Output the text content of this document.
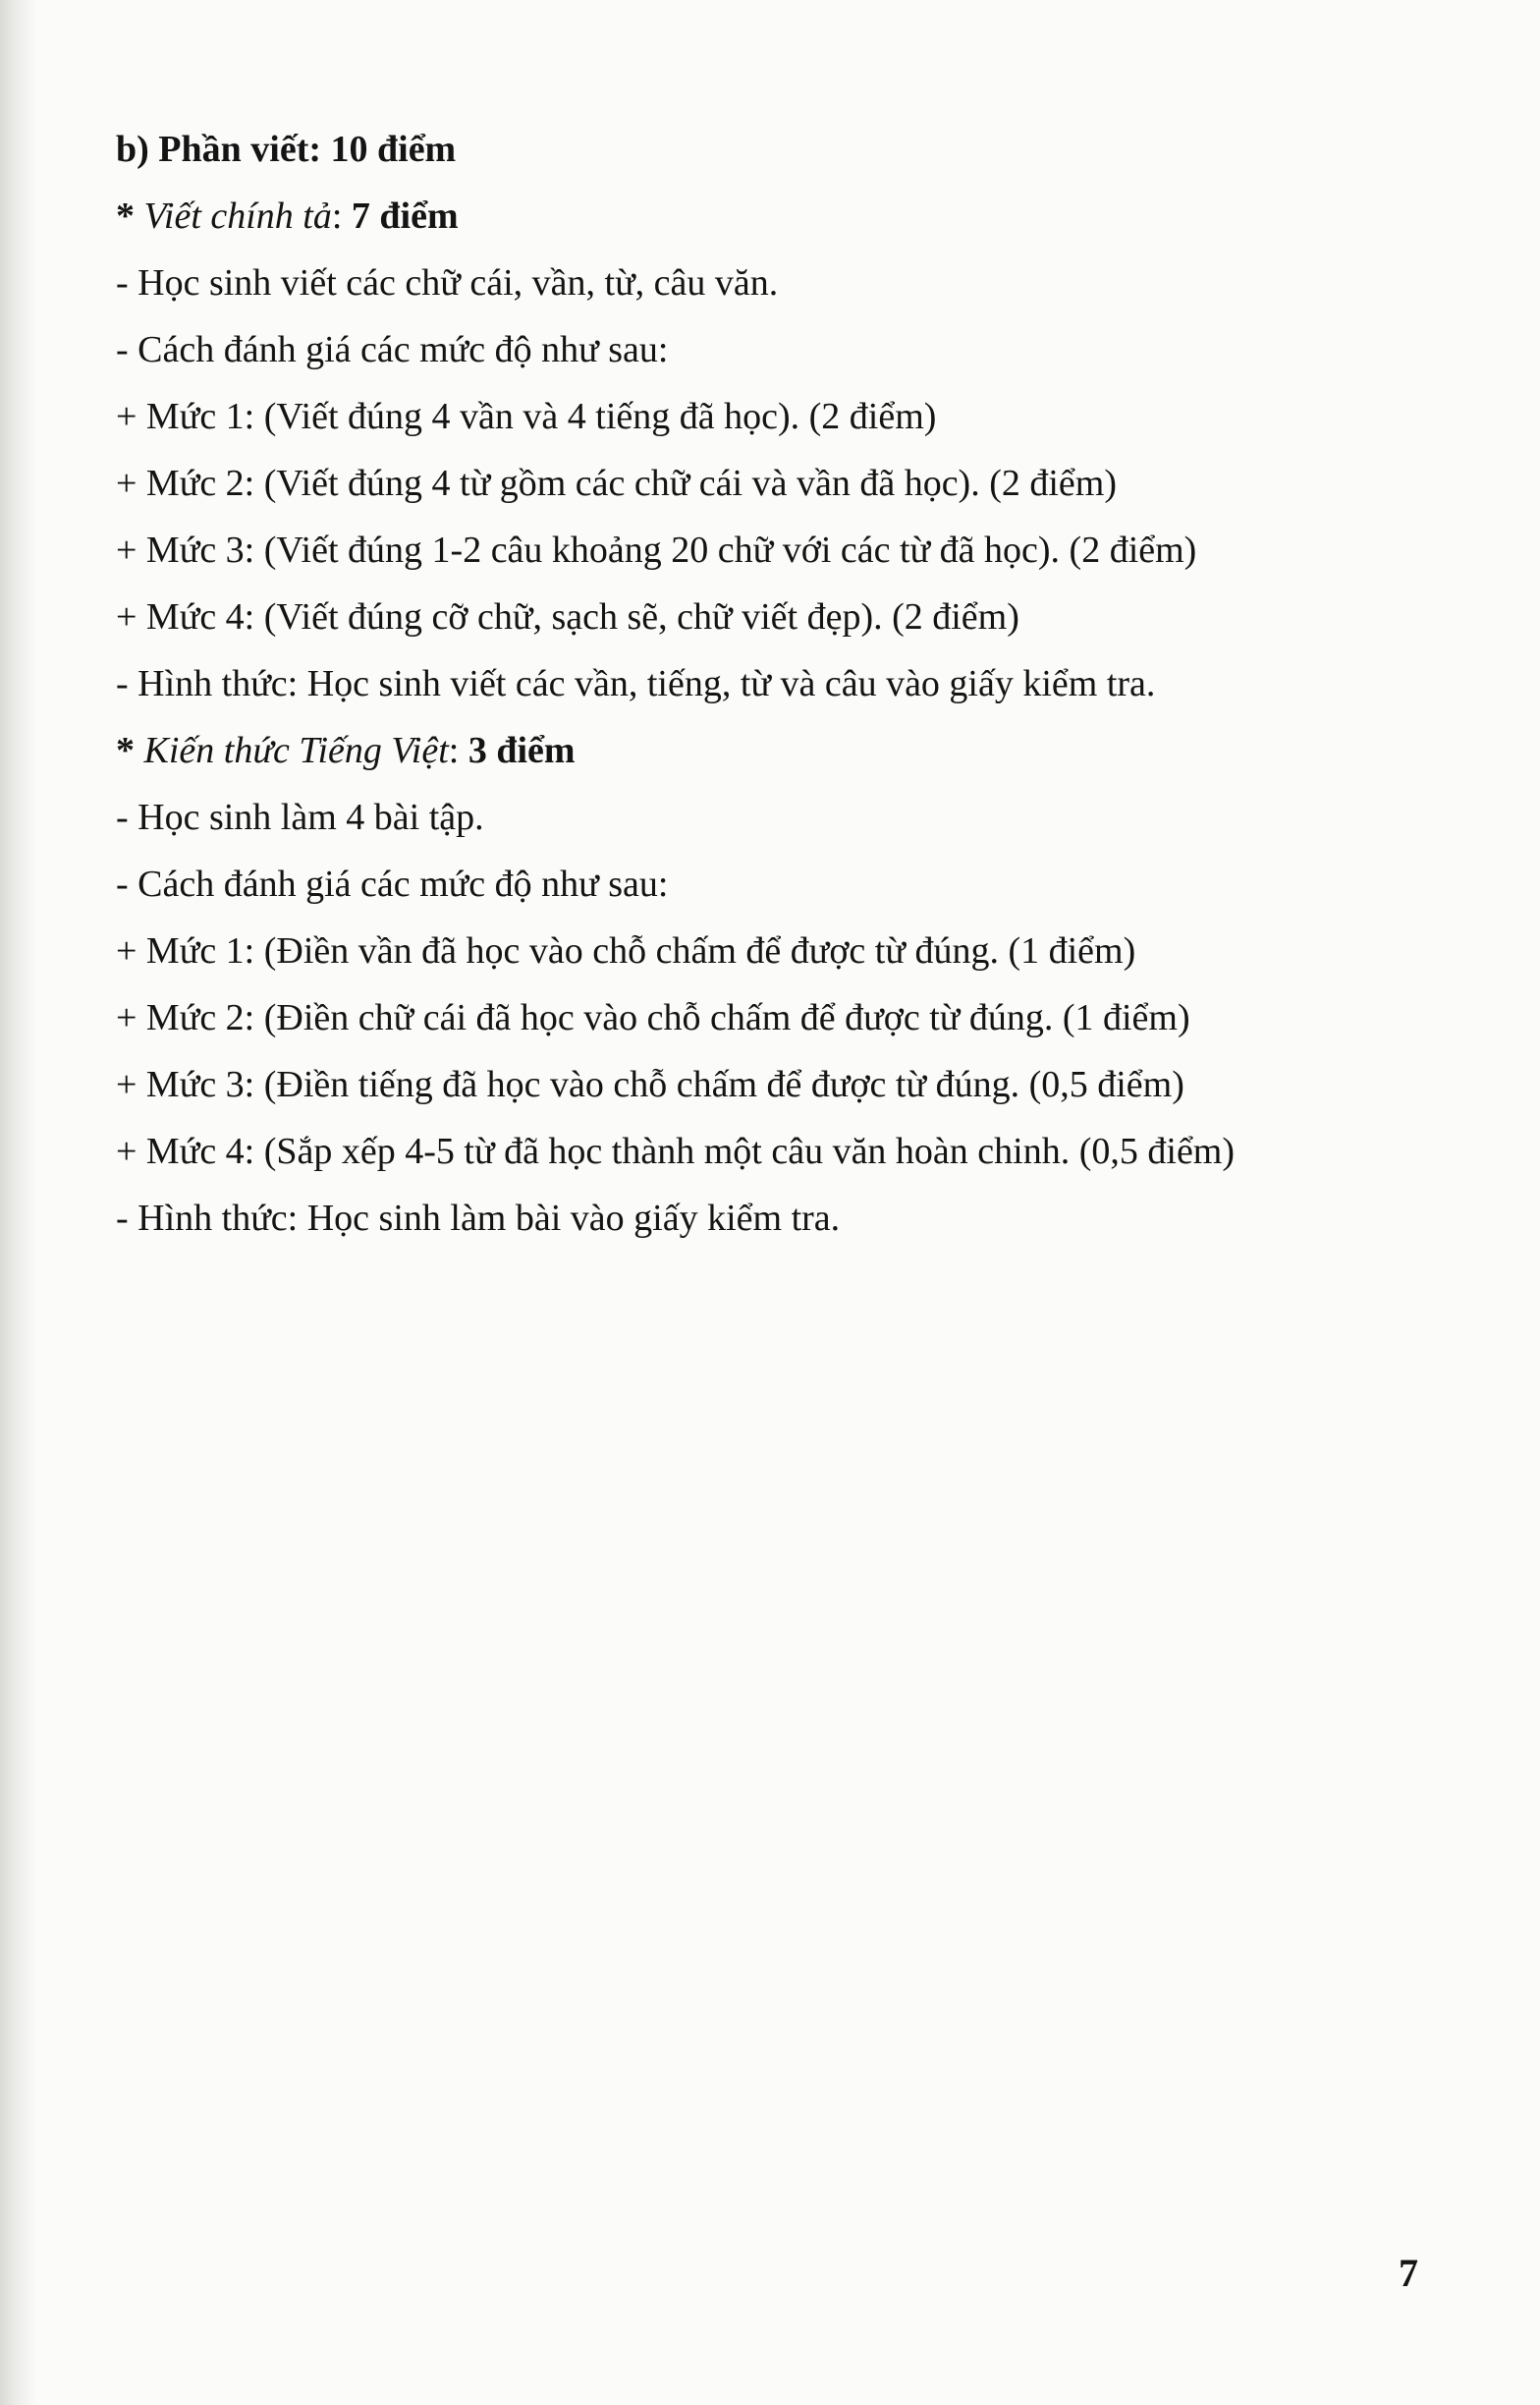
b) Phần viết: 10 điểm
* Viết chính tả: 7 điểm
- Học sinh viết các chữ cái, vần, từ, câu văn.
- Cách đánh giá các mức độ như sau:
+ Mức 1: (Viết đúng 4 vần và 4 tiếng đã học). (2 điểm)
+ Mức 2: (Viết đúng 4 từ gồm các chữ cái và vần đã học). (2 điểm)
+ Mức 3: (Viết đúng 1-2 câu khoảng 20 chữ với các từ đã học). (2 điểm)
+ Mức 4: (Viết đúng cỡ chữ, sạch sẽ, chữ viết đẹp). (2 điểm)
- Hình thức: Học sinh viết các vần, tiếng, từ và câu vào giấy kiểm tra.
* Kiến thức Tiếng Việt: 3 điểm
- Học sinh làm 4 bài tập.
- Cách đánh giá các mức độ như sau:
+ Mức 1: (Điền vần đã học vào chỗ chấm để được từ đúng. (1 điểm)
+ Mức 2: (Điền chữ cái đã học vào chỗ chấm để được từ đúng. (1 điểm)
+ Mức 3: (Điền tiếng đã học vào chỗ chấm để được từ đúng. (0,5 điểm)
+ Mức 4: (Sắp xếp 4-5 từ đã học thành một câu văn hoàn chinh. (0,5 điểm)
- Hình thức: Học sinh làm bài vào giấy kiểm tra.
7
